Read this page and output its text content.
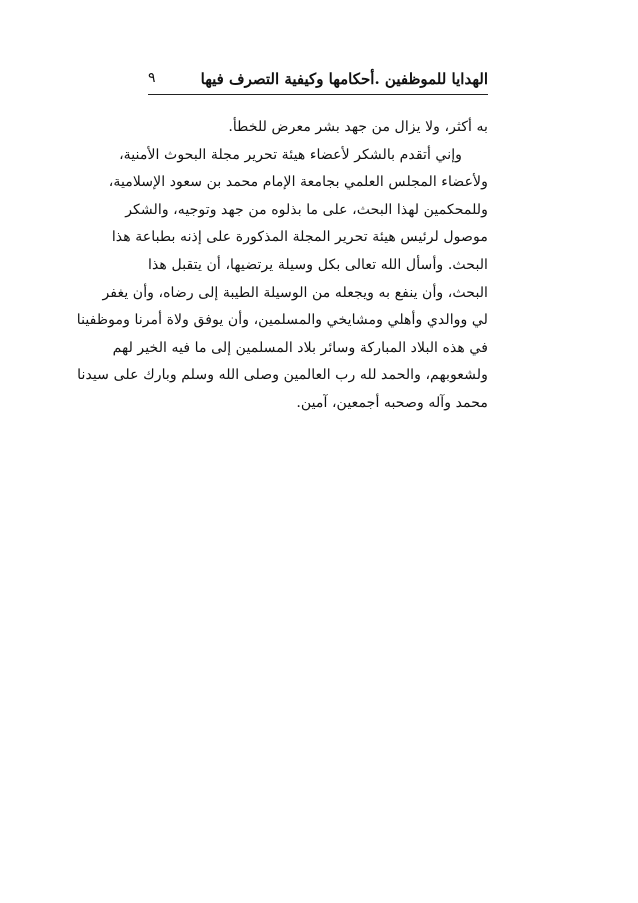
الهدايا للموظفين .أحكامها وكيفية التصرف فيها
٩
به أكثر، ولا يزال من جهد بشر معرض للخطأ.
وإني أتقدم بالشكر لأعضاء هيئة تحرير مجلة البحوث الأمنية،
ولأعضاء المجلس العلمي بجامعة الإمام محمد بن سعود الإسلامية،
وللمحكمين لهذا البحث، على ما بذلوه من جهد وتوجيه، والشكر
موصول لرئيس هيئة تحرير المجلة المذكورة على إذنه بطباعة هذا
البحث. وأسأل الله تعالى بكل وسيلة يرتضيها، أن يتقبل هذا
البحث، وأن ينفع به ويجعله من الوسيلة الطيبة إلى رضاه، وأن يغفر
لي ووالدي وأهلي ومشايخي والمسلمين، وأن يوفق ولاة أمرنا وموظفينا
في هذه البلاد المباركة وسائر بلاد المسلمين إلى ما فيه الخير لهم
ولشعوبهم، والحمد لله رب العالمين وصلى الله وسلم وبارك على سيدنا
محمد وآله وصحبه أجمعين، آمين.
